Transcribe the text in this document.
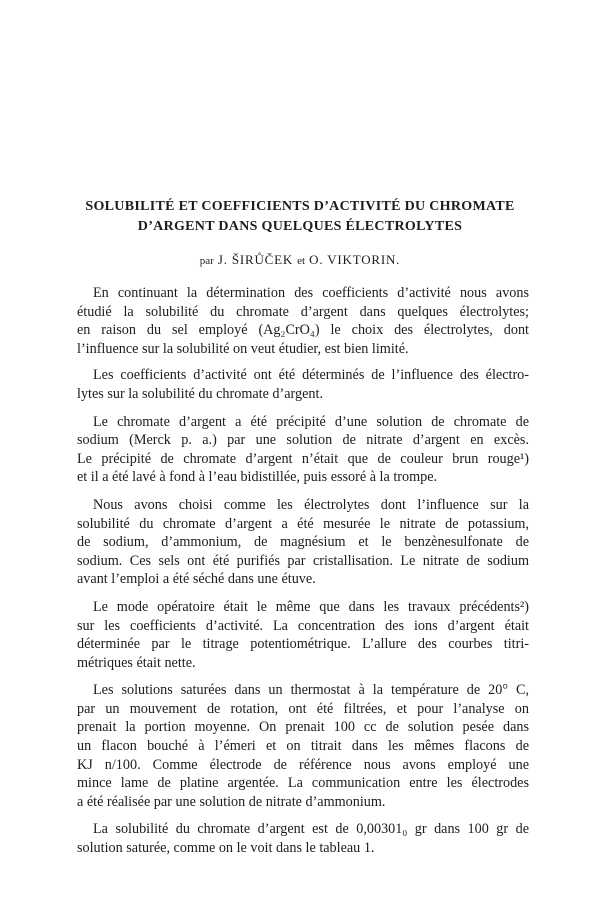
SOLUBILITÉ ET COEFFICIENTS D’ACTIVITÉ DU CHROMATE
D’ARGENT DANS QUELQUES ÉLECTROLYTES
par J. ŠIRŮČEK et O. VIKTORIN.
En continuant la détermination des coefficients d’activité nous avons
étudié la solubilité du chromate d’argent dans quelques électrolytes;
en raison du sel employé (Ag₂CrO₄) le choix des électrolytes, dont
l’influence sur la solubilité on veut étudier, est bien limité.
Les coefficients d’activité ont été déterminés de l’influence des électro-
lytes sur la solubilité du chromate d’argent.
Le chromate d’argent a été précipité d’une solution de chromate de
sodium (Merck p. a.) par une solution de nitrate d’argent en excès.
Le précipité de chromate d’argent n’était que de couleur brun rouge¹)
et il a été lavé à fond à l’eau bidistillée, puis essoré à la trompe.
Nous avons choisi comme les électrolytes dont l’influence sur la
solubilité du chromate d’argent a été mesurée le nitrate de potassium,
de sodium, d’ammonium, de magnésium et le benzènesulfonate de
sodium. Ces sels ont été purifiés par cristallisation. Le nitrate de sodium
avant l’emploi a été séché dans une étuve.
Le mode opératoire était le même que dans les travaux précédents²)
sur les coefficients d’activité. La concentration des ions d’argent était
déterminée par le titrage potentiométrique. L’allure des courbes titri-
métriques était nette.
Les solutions saturées dans un thermostat à la température de 20° C,
par un mouvement de rotation, ont été filtrées, et pour l’analyse on
prenait la portion moyenne. On prenait 100 cc de solution pesée dans
un flacon bouché à l’émeri et on titrait dans les mêmes flacons de
KJ n/100. Comme électrode de référence nous avons employé une
mince lame de platine argentée. La communication entre les électrodes
a été réalisée par une solution de nitrate d’ammonium.
La solubilité du chromate d’argent est de 0,00301₀ gr dans 100 gr de
solution saturée, comme on le voit dans le tableau 1.
